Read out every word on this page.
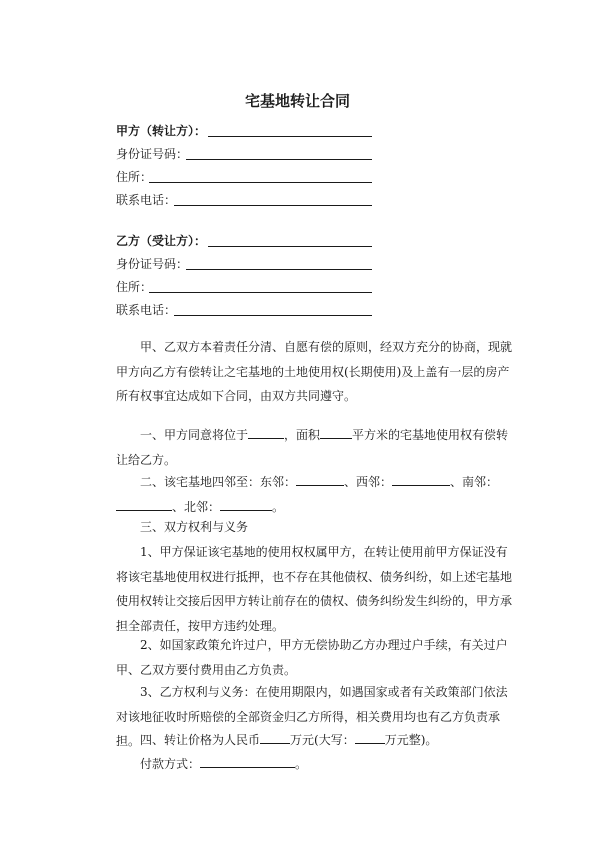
宅基地转让合同
甲方（转让方）：
身份证号码：
住所：
联系电话：
乙方（受让方）：
身份证号码：
住所：
联系电话：

甲、乙双方本着责任分清、自愿有偿的原则，经双方充分的协商，现就甲方向乙方有偿转让之宅基地的土地使用权(长期使用)及上盖有一层的房产所有权事宜达成如下合同，由双方共同遵守。

一、甲方同意将位于	，面积	平方米的宅基地使用权有偿转让给乙方。

二、该宅基地四邻至：东邻：	、西邻：	、南邻：、北邻：	。

三、双方权利与义务

1、甲方保证该宅基地的使用权权属甲方，在转让使用前甲方保证没有将该宅基地使用权进行抵押，也不存在其他债权、债务纠纷，如上述宅基地使用权转让交接后因甲方转让前存在的债权、债务纠纷发生纠纷的，甲方承担全部责任，按甲方违约处理。

2、如国家政策允许过户，甲方无偿协助乙方办理过户手续，有关过户甲、乙双方要付费用由乙方负责。

3、乙方权利与义务：在使用期限内，如遇国家或者有关政策部门依法对该地征收时所赔偿的全部资金归乙方所得，相关费用均也有乙方负责承担。 四、转让价格为人民币	万元(大写：	万元整)。

付款方式：	。
